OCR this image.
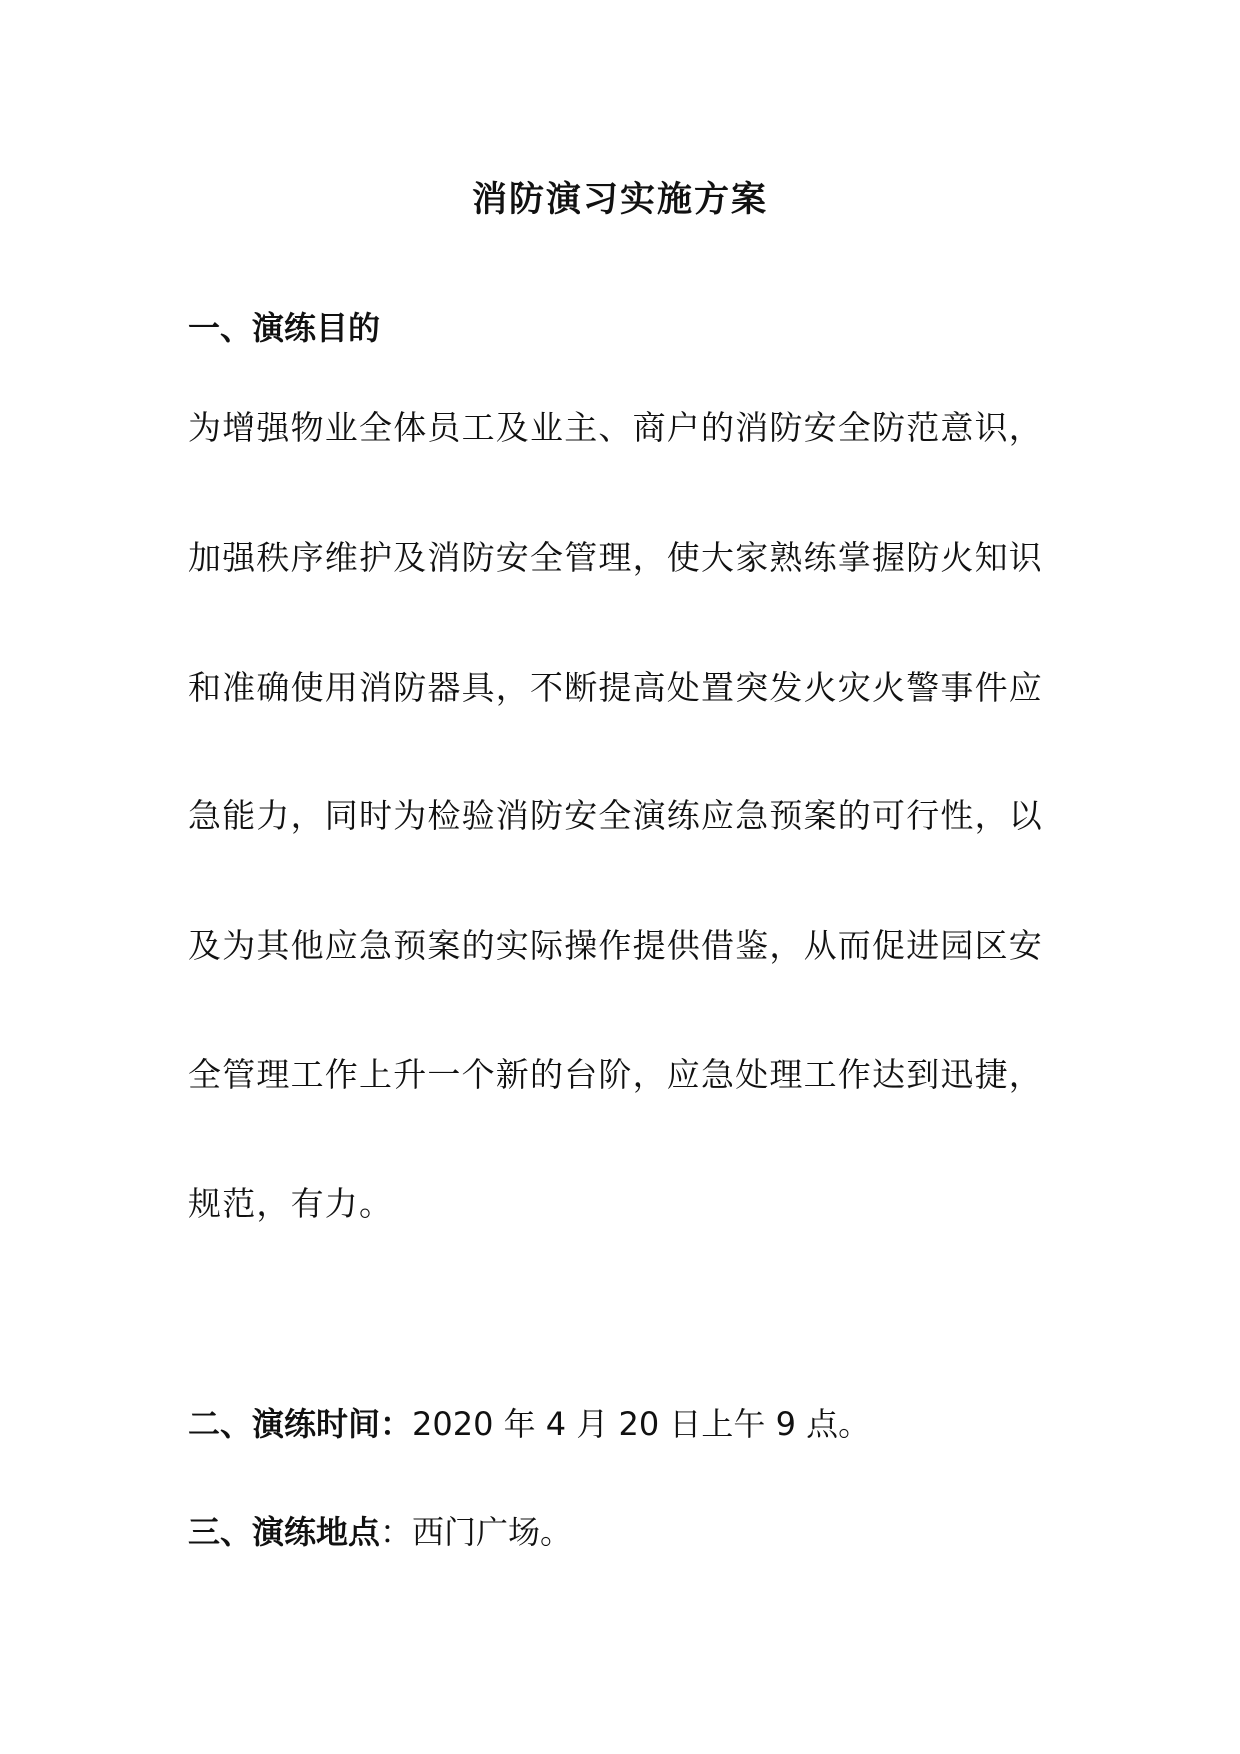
消防演习实施方案
一、演练目的
为增强物业全体员工及业主、商户的消防安全防范意识，
加强秩序维护及消防安全管理，使大家熟练掌握防火知识
和准确使用消防器具，不断提高处置突发火灾火警事件应
急能力，同时为检验消防安全演练应急预案的可行性，以
及为其他应急预案的实际操作提供借鉴，从而促进园区安
全管理工作上升一个新的台阶，应急处理工作达到迅捷，
规范，有力。
二、演练时间：2020 年 4 月 20 日上午 9 点。
三、演练地点：西门广场。
